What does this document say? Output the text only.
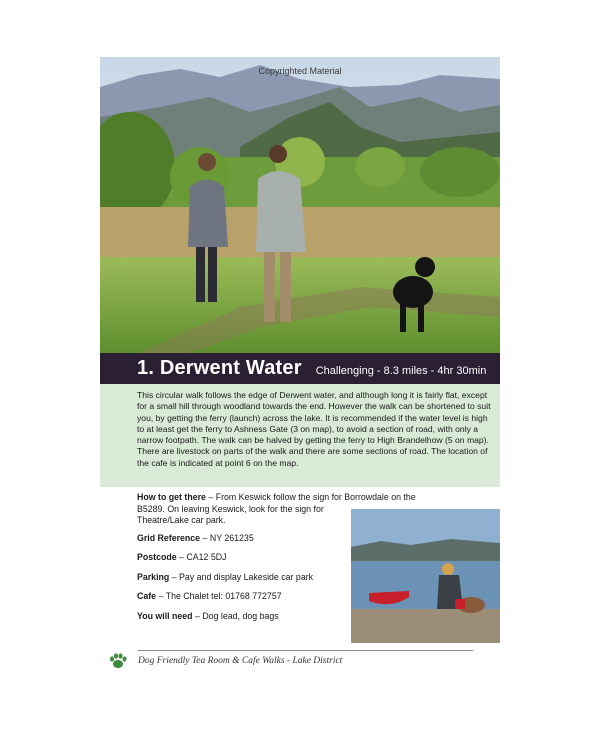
Copyrighted Material
1. Derwent Water Challenging - 8.3 miles - 4hr 30min
This circular walk follows the edge of Derwent water, and although long it is fairly flat, except for a small hill through woodland towards the end. However the walk can be shortened to suit you, by getting the ferry (launch) across the lake. It is recommended if the water level is high to at least get the ferry to Ashness Gate (3 on map), to avoid a section of road, with only a narrow footpath. The walk can be halved by getting the ferry to High Brandelhow (5 on map). There are livestock on parts of the walk and there are some sections of road. The location of the cafe is indicated at point 6 on the map.
How to get there – From Keswick follow the sign for Borrowdale on the
B5289. On leaving Keswick, look for the sign for Theatre/Lake car park.
Grid Reference – NY 261235
Postcode – CA12 5DJ
Parking – Pay and display Lakeside car park
Cafe – The Chalet tel: 01768 772757
You will need – Dog lead, dog bags
Dog Friendly Tea Room & Cafe Walks - Lake District
